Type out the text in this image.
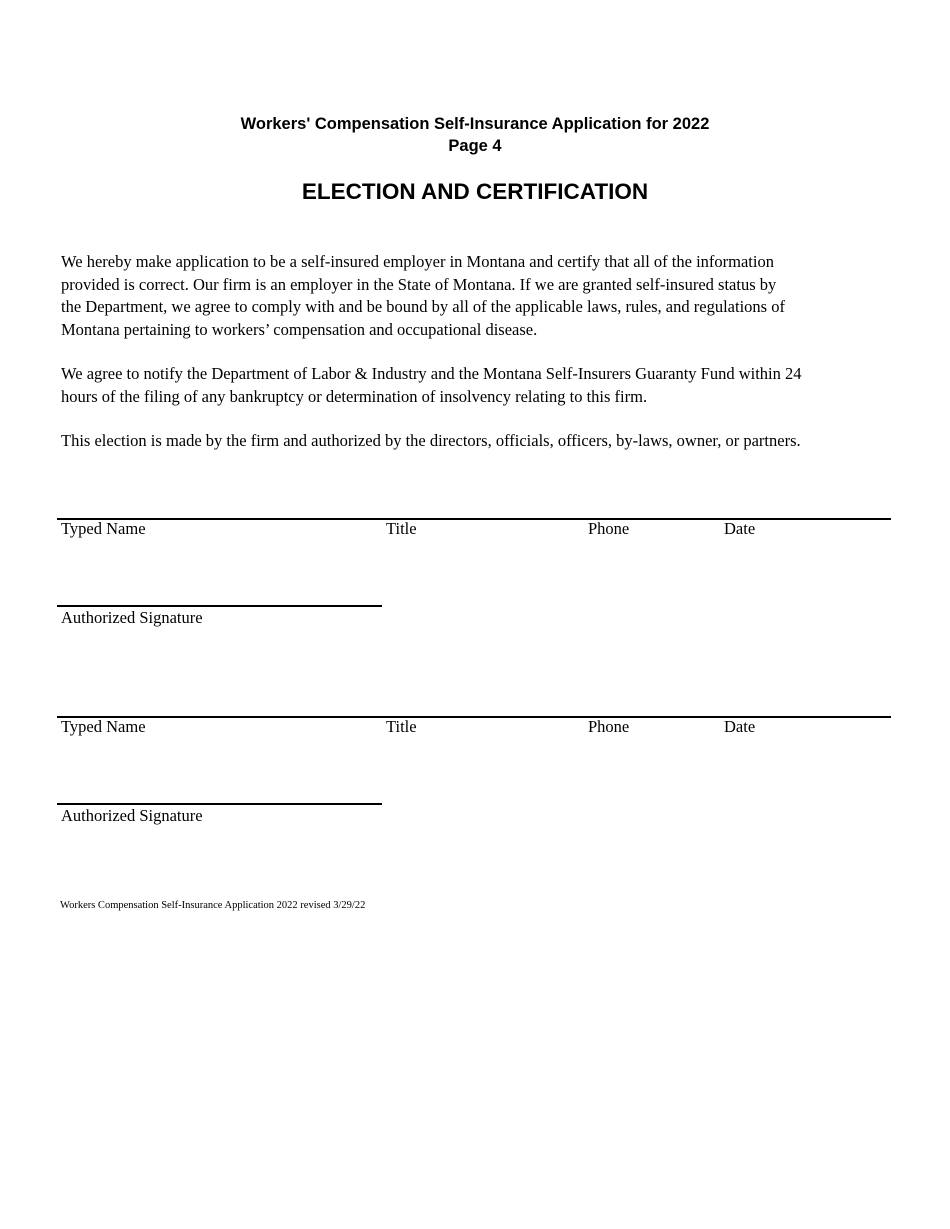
Workers' Compensation Self-Insurance Application for 2022
Page 4
ELECTION AND CERTIFICATION
We hereby make application to be a self-insured employer in Montana and certify that all of the information
provided is correct. Our firm is an employer in the State of Montana. If we are granted self-insured status by
the Department, we agree to comply with and be bound by all of the applicable laws, rules, and regulations of
Montana pertaining to workers’ compensation and occupational disease.
We agree to notify the Department of Labor & Industry and the Montana Self-Insurers Guaranty Fund within 24
hours of the filing of any bankruptcy or determination of insolvency relating to this firm.
This election is made by the firm and authorized by the directors, officials, officers, by-laws, owner, or partners.
Typed Name	Title	Phone	Date
Authorized Signature
Typed Name	Title	Phone	Date
Authorized Signature
Workers Compensation Self-Insurance Application 2022 revised 3/29/22
